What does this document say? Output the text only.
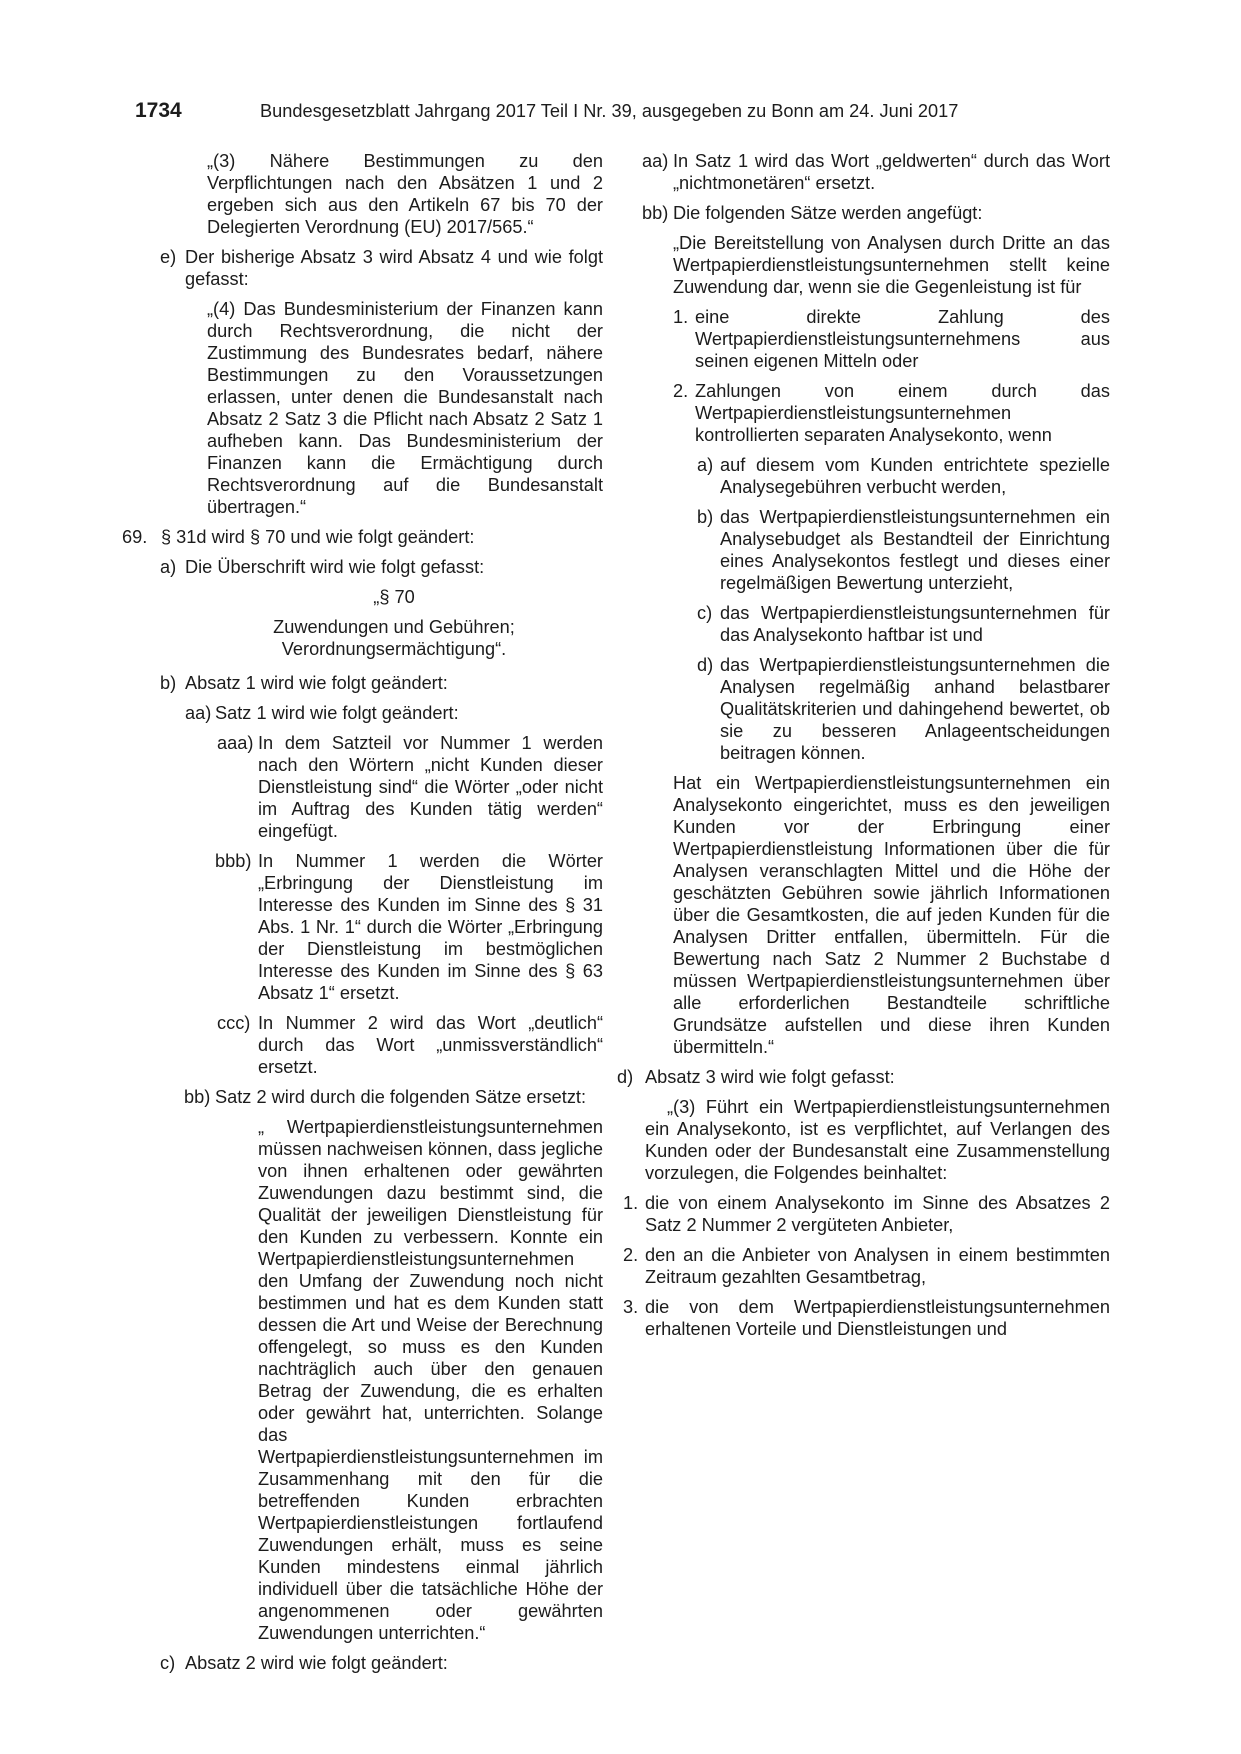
1734	Bundesgesetzblatt Jahrgang 2017 Teil I Nr. 39, ausgegeben zu Bonn am 24. Juni 2017
„(3) Nähere Bestimmungen zu den Verpflichtungen nach den Absätzen 1 und 2 ergeben sich aus den Artikeln 67 bis 70 der Delegierten Verordnung (EU) 2017/565.“
e) Der bisherige Absatz 3 wird Absatz 4 und wie folgt gefasst:
„(4) Das Bundesministerium der Finanzen kann durch Rechtsverordnung, die nicht der Zustimmung des Bundesrates bedarf, nähere Bestimmungen zu den Voraussetzungen erlassen, unter denen die Bundesanstalt nach Absatz 2 Satz 3 die Pflicht nach Absatz 2 Satz 1 aufheben kann. Das Bundesministerium der Finanzen kann die Ermächtigung durch Rechtsverordnung auf die Bundesanstalt übertragen.“
69. § 31d wird § 70 und wie folgt geändert:
a) Die Überschrift wird wie folgt gefasst:
„§ 70
Zuwendungen und Gebühren;
Verordnungsermächtigung“.
b) Absatz 1 wird wie folgt geändert:
aa) Satz 1 wird wie folgt geändert:
aaa) In dem Satzteil vor Nummer 1 werden nach den Wörtern „nicht Kunden dieser Dienstleistung sind“ die Wörter „oder nicht im Auftrag des Kunden tätig werden“ eingefügt.
bbb) In Nummer 1 werden die Wörter „Erbringung der Dienstleistung im Interesse des Kunden im Sinne des § 31 Abs. 1 Nr. 1“ durch die Wörter „Erbringung der Dienstleistung im bestmöglichen Interesse des Kunden im Sinne des § 63 Absatz 1“ ersetzt.
ccc) In Nummer 2 wird das Wort „deutlich“ durch das Wort „unmissverständlich“ ersetzt.
bb) Satz 2 wird durch die folgenden Sätze ersetzt:
„ Wertpapierdienstleistungsunternehmen müssen nachweisen können, dass jegliche von ihnen erhaltenen oder gewährten Zuwendungen dazu bestimmt sind, die Qualität der jeweiligen Dienstleistung für den Kunden zu verbessern. Konnte ein Wertpapierdienstleistungsunternehmen den Umfang der Zuwendung noch nicht bestimmen und hat es dem Kunden statt dessen die Art und Weise der Berechnung offengelegt, so muss es den Kunden nachträglich auch über den genauen Betrag der Zuwendung, die es erhalten oder gewährt hat, unterrichten. Solange das Wertpapierdienstleistungsunternehmen im Zusammenhang mit den für die betreffenden Kunden erbrachten Wertpapierdienstleistungen fortlaufend Zuwendungen erhält, muss es seine Kunden mindestens einmal jährlich individuell über die tatsächliche Höhe der angenommenen oder gewährten Zuwendungen unterrichten.“
c) Absatz 2 wird wie folgt geändert:
aa) In Satz 1 wird das Wort „geldwerten“ durch das Wort „nichtmonetären“ ersetzt.
bb) Die folgenden Sätze werden angefügt:
„Die Bereitstellung von Analysen durch Dritte an das Wertpapierdienstleistungsunternehmen stellt keine Zuwendung dar, wenn sie die Gegenleistung ist für
1. eine direkte Zahlung des Wertpapierdienstleistungsunternehmens aus seinen eigenen Mitteln oder
2. Zahlungen von einem durch das Wertpapierdienstleistungsunternehmen kontrollierten separaten Analysekonto, wenn
a) auf diesem vom Kunden entrichtete spezielle Analysegebühren verbucht werden,
b) das Wertpapierdienstleistungsunternehmen ein Analysebudget als Bestandteil der Einrichtung eines Analysekontos festlegt und dieses einer regelmäßigen Bewertung unterzieht,
c) das Wertpapierdienstleistungsunternehmen für das Analysekonto haftbar ist und
d) das Wertpapierdienstleistungsunternehmen die Analysen regelmäßig anhand belastbarer Qualitätskriterien und dahingehend bewertet, ob sie zu besseren Anlageentscheidungen beitragen können.
Hat ein Wertpapierdienstleistungsunternehmen ein Analysekonto eingerichtet, muss es den jeweiligen Kunden vor der Erbringung einer Wertpapierdienstleistung Informationen über die für Analysen veranschlagten Mittel und die Höhe der geschätzten Gebühren sowie jährlich Informationen über die Gesamtkosten, die auf jeden Kunden für die Analysen Dritter entfallen, übermitteln. Für die Bewertung nach Satz 2 Nummer 2 Buchstabe d müssen Wertpapierdienstleistungsunternehmen über alle erforderlichen Bestandteile schriftliche Grundsätze aufstellen und diese ihren Kunden übermitteln.“
d) Absatz 3 wird wie folgt gefasst:
„(3) Führt ein Wertpapierdienstleistungsunternehmen ein Analysekonto, ist es verpflichtet, auf Verlangen des Kunden oder der Bundesanstalt eine Zusammenstellung vorzulegen, die Folgendes beinhaltet:
1. die von einem Analysekonto im Sinne des Absatzes 2 Satz 2 Nummer 2 vergüteten Anbieter,
2. den an die Anbieter von Analysen in einem bestimmten Zeitraum gezahlten Gesamtbetrag,
3. die von dem Wertpapierdienstleistungsunternehmen erhaltenen Vorteile und Dienstleistungen und
